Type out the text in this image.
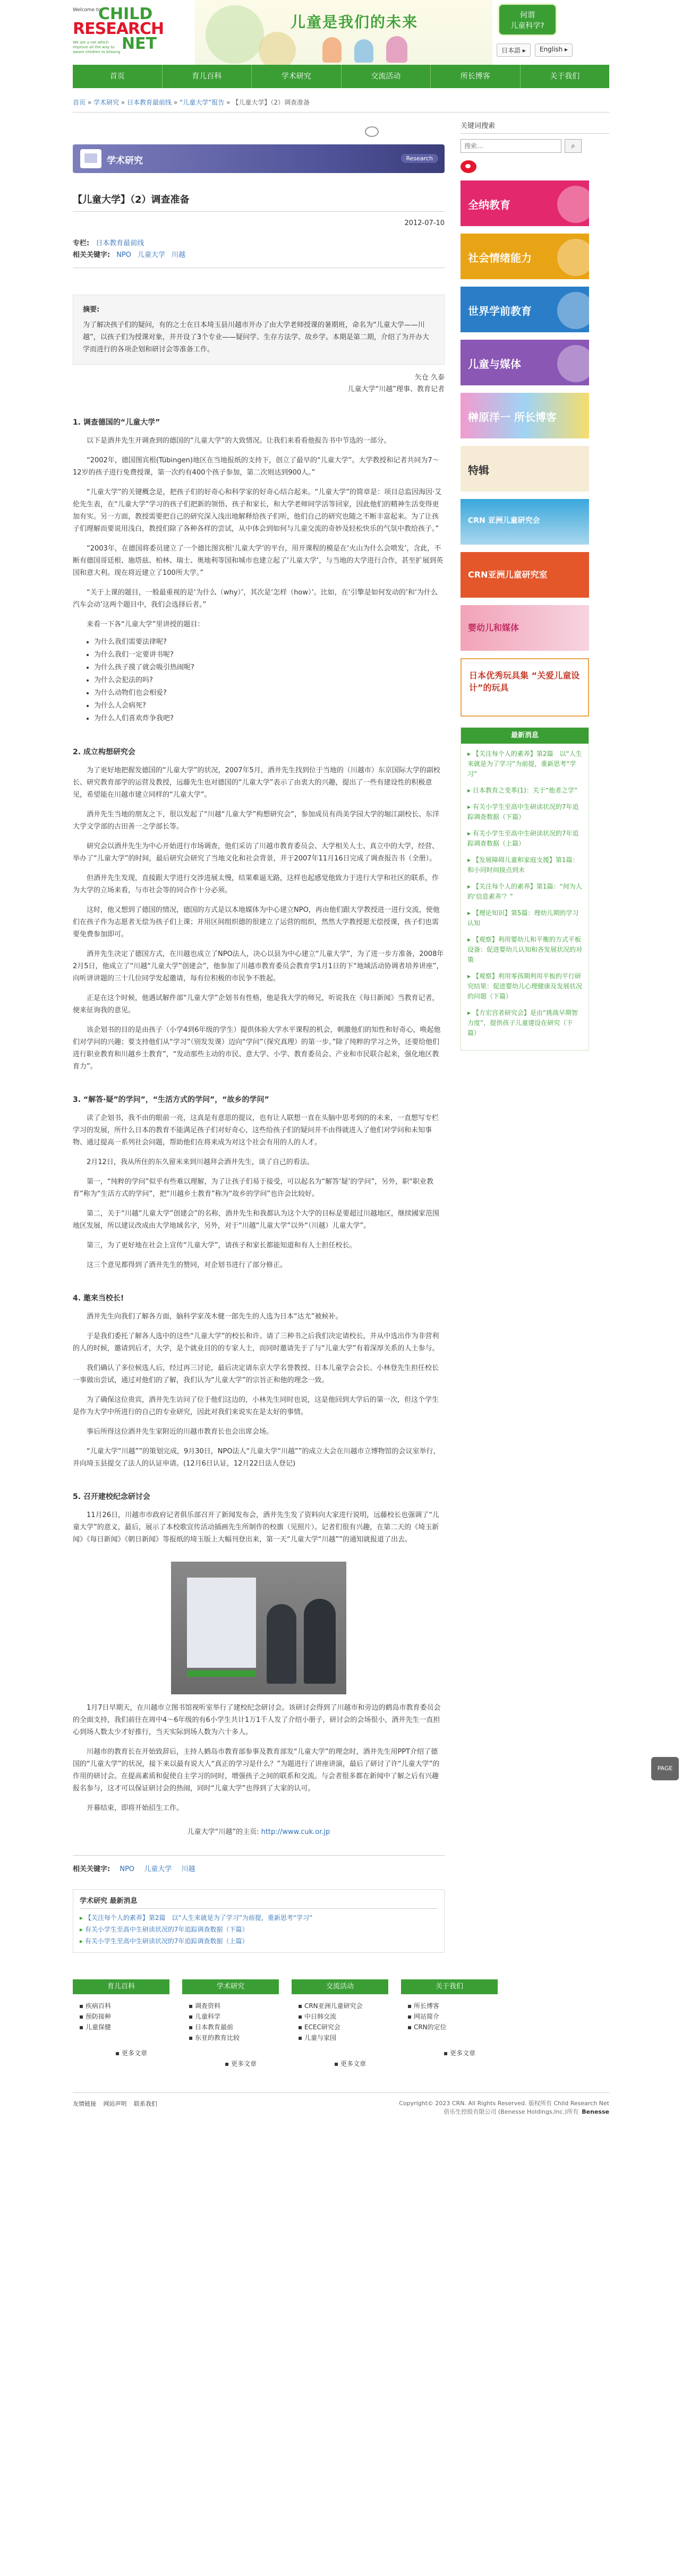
Welcome to
CHILD
RESEARCH
NET
We are a net which Improve all the way to aware children to blissing
儿童是我们的未来	何谓
儿童科学?
日本語 ▸	English ▸
首页	育儿百科	学术研究	交流活动	所长博客	关于我们
首页 » 学术研究 » 日本教育最前线 » “儿童大学”报告 » 【儿童大学】（2）调查准备
学术研究	Research
【儿童大学】（2）调查准备
2012-07-10
专栏: 日本教育最前线
相关关键字: NPO 儿童大学 川越
摘要:
为了解决孩子们的疑问，有的之士在日本埼玉县川越市开办了由大学老师授课的暑期班，命名为“儿童大学——川越”，以孩子们为授课对象，并开设了3个专业——疑问学、生存方法学、故乡学。本期是第二期，介绍了为开办大学而进行的各项企划和研讨会等准备工作。
矢仓 久泰
儿童大学“川越”理事、教育记者
1. 调查德国的“儿童大学”

以下是酒井先生开调查到的德国的“儿童大学”的大致情况。让我们来看看他报告书中节选的一部分。

“2002年，德国图宾根(Tübingen)地区在当地报纸的支持下，创立了最早的“儿童大学”。大学教授和记者共同为7〜12岁的孩子进行免费授课，第一次约有400个孩子参加，第二次则达到900人。”

“儿童大学”的关键概念是，把孩子们的好奇心和科学家的好奇心结合起来。“儿童大学”的简章是：项目总监因海因·艾伦先生表，在“儿童大学”学习的孩子们把新的领悟、孩子和家长，和大学老师同学活等回家，因此他们的精神生活变得更加有实。另一方面，教授需要把自己的研究深入浅出地解释给孩子们听，他们自己的研究也随之不断丰富起来。为了让孩子们理解而要说用浅白，教授们除了各种各样的尝试，从中体会到如何与儿童交流的奇妙及轻松快乐的气氛中教给孩子。”

“2003年，在德国将委员建立了一个德比图宾根‘儿童大学’的平台，用开课程的模是在‘火山为什么会喷发’，含此，不断有德国哥廷根、施塔兹、柏林、瑞士、奥地利等国和城市也建立起了‘儿童大学’，与当地的大学进行合作，甚至扩展到英国和意大利。现在将近建立了100所大学。”

“关于上课的题目，一般最重视的是‘为什么（why）’，其次是‘怎样（how）’。比如，在‘引擎是如何发动的’和‘为什么汽车会动’这两个题目中，我们会选择后者。”

来看一下各“儿童大学”里讲授的题目：

• 为什么我们需要法律呢?
• 为什么我们一定要讲书呢?
• 为什么孩子摸了就会吸引热闹呢?
• 为什么会犯法的吗?
• 为什么动物们也会相爱?
• 为什么人会病死?
• 为什么人们喜欢炸争我吧?
2. 成立构想研究会

为了更好地把握发德国的“儿童大学”的状况，2007年5月，酒井先生找到位于当地的（川越市）东京国际大学的副校长、研究教育部学的运营及教授，远藤先生也对德国的“儿童大学”表示了由衷大的兴趣，提出了一些有建设性的积极意见，希望能在川越市建立同样的“儿童大学”。

酒井先生当地的朋友之下，很以发起了“川越“儿童大学”构想研究会”，参加成员有尚美学园大学的堀江副校长、东洋大学文学部的古田善一之学部长等。

研究会以酒井先生为中心开始进行市场调查，他们采访了川越市教育委员会、大学相关人士、真立中的大学，经营、举办了“儿童大学”的时间，最后研究会研究了当地文化和社会背景，并于2007年11月16日完成了调查报告书（全册）。

但酒井先生发现，直接跟大学进行交涉进展太慢，结果难逼无路，这样也起感觉他致力于进行大学和社区的联系，作为大学的立场来看，与市社会等的同合作十分必须。

这时，他又想到了德国的情况，德国的方式是以本地媒体为中心建立NPO，再由他们跟大学教授进一进行交流，使他们在孩子作为志愿者无偿为孩子们上课；并用区间组织德的很建立了运营的组织，然然大学教授愿无偿授课，孩子们也需要免费参加即可。

酒井先生决定了德国方式，在川越也成立了NPO法人，决心以县为中心建立“儿童大学”，为了进一步方准备，2008年2月5日，他成立了“川越“儿童大学”创建会”，他参加了川越市教育委员会教育学1月1日的下“地域活动协调者培养讲座”，向听讲讲题的三十几位同学发起邀请，每有位积极的市民争不胜起。

正是在这个时候，他遇试解件部“儿童大学”企划书有性格，他是我大学的师兄，听说我在《每日新闻》当教育记者，便来征询我的意见。

该企划书的目的是由孩子（小学4到6年级的学生）提供体验大学水平课程的机会，刺激他们的知性和好奇心，唤起他们对学问的兴趣；要支持他们从“学习”（别发发课）迈向“学问”（探究真理）的第一步。”除了纯粹的学习之外，还要给他们进行职业教育和川越乡土教育”，“发动那些主动的市民、意大学、小学、教育委员会、产业和市民联合起来，强化地区教育力”。

3. “解答·疑”的学问”，“生活方式的学问”，“故乡的学问”

读了企划书，我不由的眼前一亮，这真是有意思的提议，也有让人联想一直在头脑中思考到的的未来，一直想写专栏学习的发展，所什么日本的教育不能满足孩子们对好奇心，这些给孩子们的疑问并不由得就进入了他们对学问和未知事物、通过提高一系列社会问题，帮助他们在将来成为对这个社会有用的人的人才。

2月12日，我从所住的东久留米来到川越拜会酒井先生，谈了自己的看法。

第一，“纯粹的学问”似乎有些难以理解，为了让孩子们易于接受，可以起名为“解答‘疑’的学问”，另外，职“职业教育”称为“生活方式的学问”，把“川越乡土教育”称为“故乡的学问”也许会比较好。

第二，关于“川越“儿童大学”创建会”的名称，酒井先生和我都认为这个大学的目标是要超过川越地区，继续國家范围地区发展，所以建议改成由大学地域名字，另外，对于“川越“儿童大学”以外“（川越）儿童大学”。

第三，为了更好地在社会上宣传“儿童大学”，请孩子和家长都能知道和有人士担任校长。

这三个意见都得到了酒井先生的赞同，对企划书进行了部分修正。

4. 邀来当校长!

酒井先生向我们了解各方面，脑科学家茂木健一郎先生的人选为日本“达尤”被候补。

于是我们委托了解各人选中的这些“儿童大学”的校长和许。请了三种书之后我们决定请校长，并从中选出作为非营利的人的时候，邀请到后才，大学，是个就业目的的专家人士，而同时邀请先于了与“儿童大学”有着深厚关系的人士参与。

我们确认了多位候选人后，经过再三讨论，最后决定请东京大学名誉教授、日本儿童学会会长、小林登先生担任校长一事做出尝试，通过对他们的了解，我们认为“儿童大学”的宗旨正和他的理念一致。

为了确保这位贵宾，酒井先生访问了位于他们这边的，小林先生同时也说，这是他回到大学后的第一次，但这个学生是作为大学中所进行的自己的专业研究，因此对我们来说实在是太好的事情。

事后所得这位酒井先生家附近的川越市教育长也会出席会场。

“儿童大学“川越””的策划完成，9月30日，NPO法人“儿童大学“川越””的成立大会在川越市立博物馆的会议室举行，并向埼玉县提交了法人的认证申请。(12月6日认证，12月22日法人登记)

5. 召开建校纪念研讨会

11月26日，川越市市政府记者俱乐部召开了新闻发布会，酒井先生发了资料向大家进行说明，远藤校长也强调了“儿童大学”的意义，最后，展示了本校歌宣传活动插画先生所制作的校旗（见照片）。记者们很有兴趣，在第二天的《埼玉新闻》《每日新闻》《朝日新闻》等报纸的埼玉版上大幅刊登出来，第一天“儿童大学“川越””的通知就报道了出去。

1月7日早期天，在川越市立图书馆视听室举行了建校纪念研讨会。该研讨会得到了川越市和旁边的鹤岛市教育委员会的全面支持，我们前往在周中4〜6年级的有6小学生共计1万1千人发了介绍小册子，研讨会的会场很小，酒井先生一直担心到场人数太少才好推行，当天实际到场人数为六十多人。

川越市的教育长在开始致辞后，主持人鹤岛市教育部参事及教育部发“儿童大学”的理念时，酒井先生用PPT介绍了德国的“儿童大学”的状况，接下来以最有说大人“真正的学习是什么？”为题进行了讲座讲演，最后了研讨了许“儿童大学”的作用的研讨会。在提高素质和促使自主学习的同时，增强孩子之间的联系和交流。与会者很多都在新闻中了解之后有兴趣报名参与，这才可以保证研讨会的热闹，同时“儿童大学”也得到了大家的认可。

开幕结束，即将开始招生工作。

儿童大学“川越”的主页: http://www.cuk.or.jp
相关关键字: NPO 儿童大学 川越
学术研究 最新消息
▸ 【关注每个人的素养】第2篇　以“人生来就是为了学习”为前提，重新思考“学习”
▸ 有关小学生至高中生研读状况的7年追踪调查数据（下篇）
▸ 有关小学生至高中生研读状况的7年追踪调查数据（上篇）
关键词搜索
搜索...
⌕
全纳教育
社会情绪能力
世界学前教育
儿童与媒体
榊原洋一 所长博客
特辑
CRN 亚洲儿童研究会
CRN亚洲儿童研究室
婴幼儿和媒体
日本优秀玩具集 “关爱儿童设计”的玩具
最新消息
▸ 【关注每个人的素养】第2篇　以“人生来就是为了学习”为前提，重新思考“学习”
▸ 日本教育之变革(1)：关于“他者之学”
▸ 有关小学生至高中生研读状况的7年追踪调查数据（下篇）
▸ 有关小学生至高中生研读状况的7年追踪调查数据（上篇）
▸ 【发展障碍儿童和家庭支援】第1篇：和小同时间接点到未
▸ 【关注每个人的素养】第1篇：“何为人的‘信息素养’？”
▸ 【理论知识】第5篇：理幼儿期的学习认知
▸ 【观察】利用婴幼儿和平衡的方式平板设备：促进婴幼儿认知和各发展状况的对策
▸ 【观察】利用零孩期利用平板的平行研究结果：促进婴幼儿心理健康及发展状况的问题（下篇）
▸ 【方宏宫者研究会】是由“挑战早期智力度”，提供孩子儿童建设在研究（下篇）
育儿百科
▪ 疾病百科
▪ 预防接种
▪ 儿童保健
▪ 更多文章
学术研究
▪ 调查资料
▪ 儿童科学
▪ 日本教育最前
▪ 东亚的教育比较
▪ 更多文章
交流活动
▪ CRN亚洲儿童研究会
▪ 中日韩交流
▪ ECEC研究会
▪ 儿童与家园
▪ 更多文章
关于我们
▪ 所长博客
▪ 网站简介
▪ CRN的定位
▪ 更多文章
友情链接 网站声明 联系我们	Copyright© 2023 CRN. All Rights Reserved. 版权所有 Child Research Net
倍乐生控股有限公司 (Benesse Holdings,Inc.)所有 Benesse
PAGE TOP
